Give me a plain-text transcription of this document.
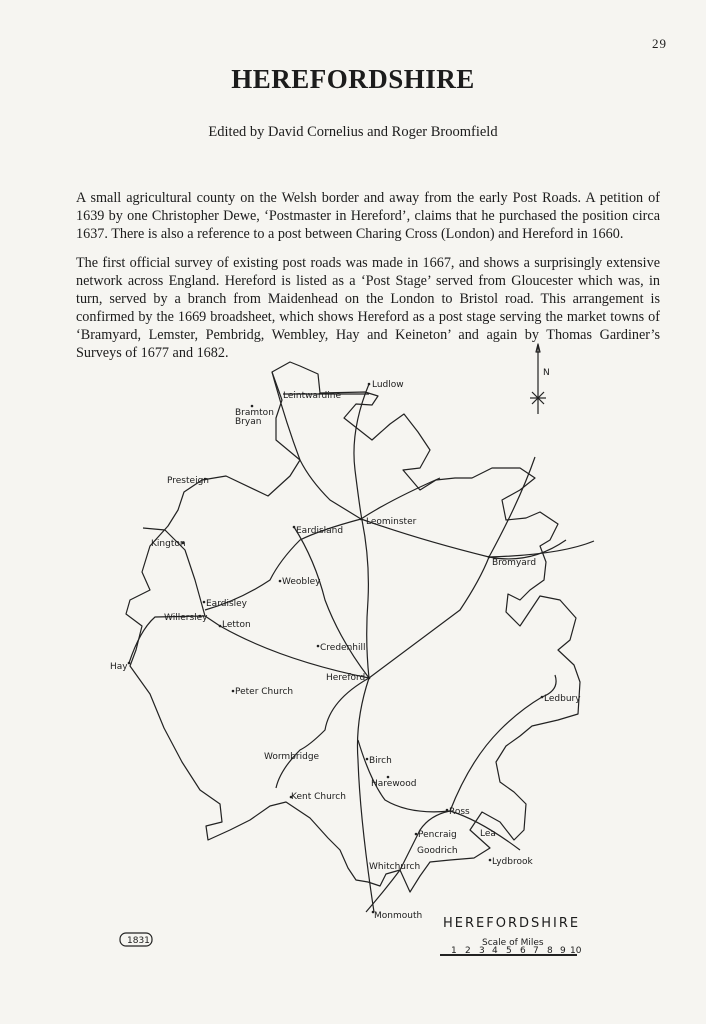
29
HEREFORDSHIRE
Edited by David Cornelius and Roger Broomfield
A small agricultural county on the Welsh border and away from the early Post Roads. A petition of 1639 by one Christopher Dewe, ‘Postmaster in Hereford’, claims that he purchased the position circa 1637. There is also a reference to a post between Charing Cross (London) and Hereford in 1660.
The first official survey of existing post roads was made in 1667, and shows a surprisingly extensive network across England. Hereford is listed as a ‘Post Stage’ served from Gloucester which was, in turn, served by a branch from Maidenhead on the London to Bristol road. This arrangement is confirmed by the 1669 broadsheet, which shows Hereford as a post stage serving the market towns of ‘Bramyard, Lemster, Pembridg, Wembley, Hay and Keineton’ and again by Thomas Gardiner’s Surveys of 1677 and 1682.
N
Ludlow
Leintwardine
Bramton
Bryan
Presteign
Leominster
Eardisland
Kington
Bromyard
Weobley
Eardisley
Willersley
Letton
Credenhill
Hay
Hereford
Peter Church
Ledbury
Wormbridge	Birch
Harewood
Kent Church
Ross
Lea
Pencraig
Goodrich
Lydbrook
Whitchurch
Monmouth HEREFORDSHIRE
Scale of Miles
1 2 3 4 5 6 7 8 9 10
1831
